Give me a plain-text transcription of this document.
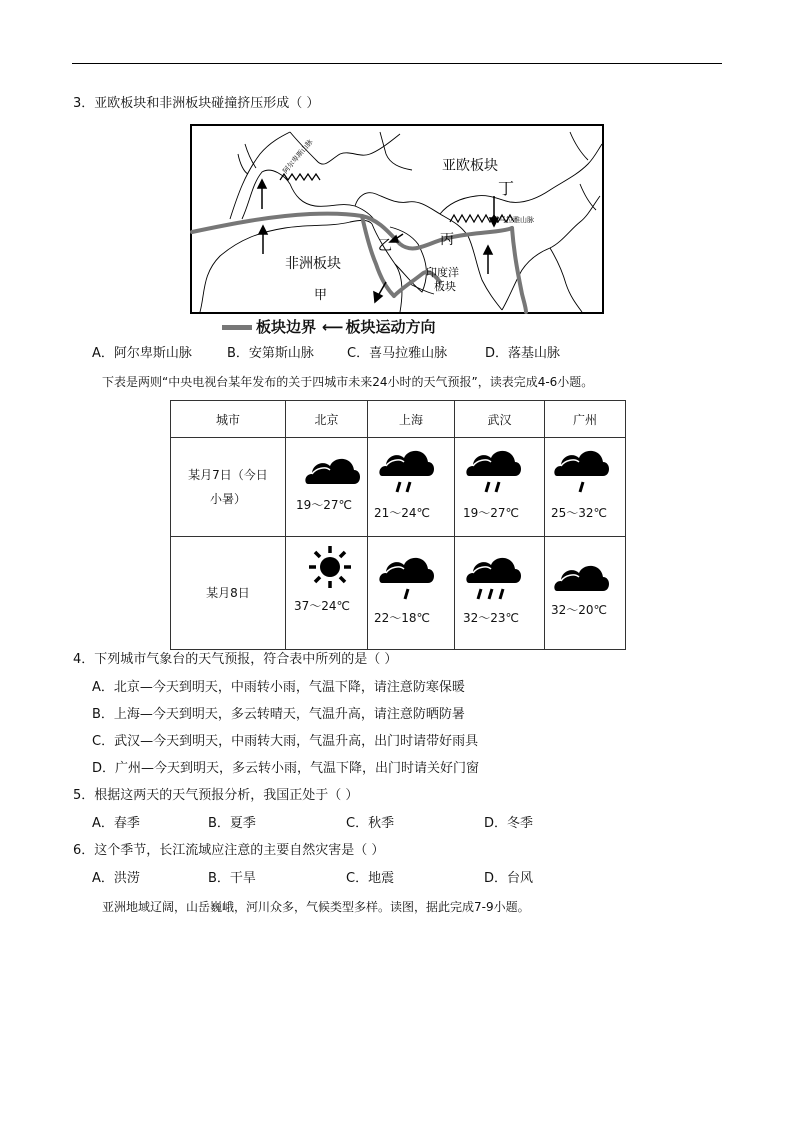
3．亚欧板块和非洲板块碰撞挤压形成（ ）
阿尔卑斯山脉	亚欧板块
丁
喜马拉雅山脉
丙
乙
非洲板块
印度洋
板块
甲
板块边界 ⟵ 板块运动方向
A．阿尔卑斯山脉	B．安第斯山脉	C．喜马拉雅山脉	D．落基山脉
下表是两则“中央电视台某年发布的关于四城市未来24小时的天气预报”，读表完成4-6小题。
城市	北京	上海	武汉	广州

某月7日（今日
小暑）	19～27℃	21～24℃	19～27℃	25～32℃

某月8日	37～24℃	22～18℃	32～23℃	32～20℃
4．下列城市气象台的天气预报，符合表中所列的是（ ）
A．北京—今天到明天，中雨转小雨，气温下降，请注意防寒保暖
B．上海—今天到明天，多云转晴天，气温升高，请注意防晒防暑
C．武汉—今天到明天，中雨转大雨，气温升高，出门时请带好雨具
D．广州—今天到明天，多云转小雨，气温下降，出门时请关好门窗
5．根据这两天的天气预报分析，我国正处于（ ）
A．春季	B．夏季	C．秋季	D．冬季
6．这个季节，长江流域应注意的主要自然灾害是（ ）
A．洪涝	B．干旱	C．地震	D．台风
亚洲地域辽阔，山岳巍峨，河川众多，气候类型多样。读图，据此完成7-9小题。
